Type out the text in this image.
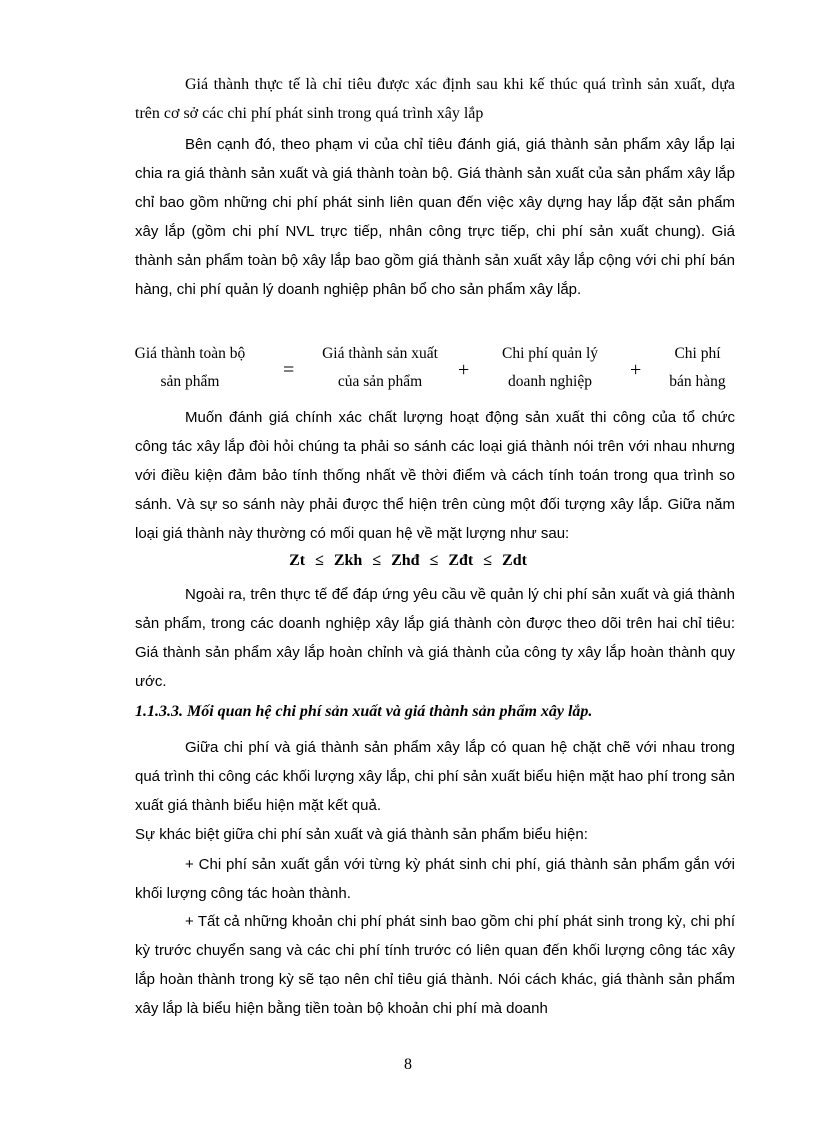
Giá thành thực tế là chỉ tiêu được xác định sau khi kế thúc quá trình sản xuất, dựa trên cơ sở các chi phí phát sinh trong quá trình xây lắp

Bên cạnh đó, theo phạm vi của chỉ tiêu đánh giá, giá thành sản phẩm xây lắp lại chia ra giá thành sản xuất và giá thành toàn bộ. Giá thành sản xuất của sản phẩm xây lắp chỉ bao gồm những chi phí phát sinh liên quan đến việc xây dựng hay lắp đặt sản phẩm xây lắp (gồm chi phí NVL trực tiếp, nhân công trực tiếp, chi phí sản xuất chung). Giá thành sản phẩm toàn bộ xây lắp bao gồm giá thành sản xuất xây lắp cộng với chi phí bán hàng, chi phí quản lý doanh nghiệp phân bổ cho sản phẩm xây lắp.

Giá thành toàn bộ
sản phẩm
=
Giá thành sản xuất
của sản phẩm
+
Chi phí quản lý
doanh nghiệp
+
Chi phí
bán hàng

Muốn đánh giá chính xác chất lượng hoạt động sản xuất thi công của tổ chức công tác xây lắp đòi hỏi chúng ta phải so sánh các loại giá thành nói trên với nhau nhưng với điều kiện đảm bảo tính thống nhất về thời điểm và cách tính toán trong qua trình so sánh. Và sự so sánh này phải được thể hiện trên cùng một đối tượng xây lắp. Giữa năm loại giá thành này thường có mối quan hệ về mặt lượng như sau:

Zt ≤ Zkh ≤ Zhđ ≤ Zđt ≤ Zdt

Ngoài ra, trên thực tế để đáp ứng yêu cầu về quản lý chi phí sản xuất và giá thành sản phẩm, trong các doanh nghiệp xây lắp giá thành còn được theo dõi trên hai chỉ tiêu: Giá thành sản phẩm xây lắp hoàn chỉnh và giá thành của công ty xây lắp hoàn thành quy ước.

1.1.3.3. Mối quan hệ chi phí sản xuất và giá thành sản phẩm xây lắp.

Giữa chi phí và giá thành sản phẩm xây lắp có quan hệ chặt chẽ với nhau trong quá trình thi công các khối lượng xây lắp, chi phí sản xuất biểu hiện mặt hao phí trong sản xuất giá thành biểu hiện mặt kết quả.

Sự khác biệt giữa chi phí sản xuất và giá thành sản phẩm biểu hiện:

+ Chi phí sản xuất gắn với từng kỳ phát sinh chi phí, giá thành sản phẩm gắn với khối lượng công tác hoàn thành.

+ Tất cả những khoản chi phí phát sinh bao gồm chi phí phát sinh trong kỳ, chi phí kỳ trước chuyển sang và các chi phí tính trước có liên quan đến khối lượng công tác xây lắp hoàn thành trong kỳ sẽ tạo nên chỉ tiêu giá thành. Nói cách khác, giá thành sản phẩm xây lắp là biểu hiện bằng tiền toàn bộ khoản chi phí mà doanh

8
